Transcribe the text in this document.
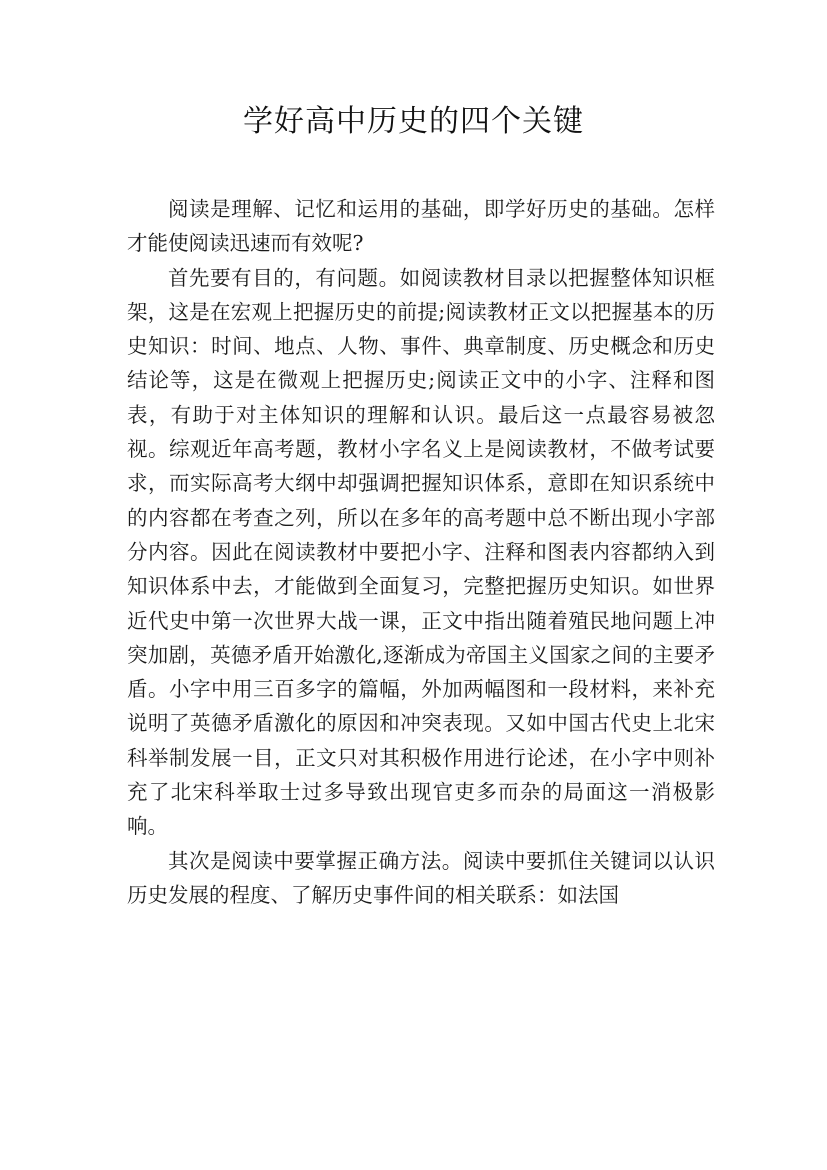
学好高中历史的四个关键

阅读是理解、记忆和运用的基础，即学好历史的基础。怎样才能使阅读迅速而有效呢?

首先要有目的，有问题。如阅读教材目录以把握整体知识框架，这是在宏观上把握历史的前提;阅读教材正文以把握基本的历史知识：时间、地点、人物、事件、典章制度、历史概念和历史结论等，这是在微观上把握历史;阅读正文中的小字、注释和图表，有助于对主体知识的理解和认识。最后这一点最容易被忽视。综观近年高考题，教材小字名义上是阅读教材，不做考试要求，而实际高考大纲中却强调把握知识体系，意即在知识系统中的内容都在考查之列，所以在多年的高考题中总不断出现小字部分内容。因此在阅读教材中要把小字、注释和图表内容都纳入到知识体系中去，才能做到全面复习，完整把握历史知识。如世界近代史中第一次世界大战一课，正文中指出随着殖民地问题上冲突加剧，英德矛盾开始激化,逐渐成为帝国主义国家之间的主要矛盾。小字中用三百多字的篇幅，外加两幅图和一段材料，来补充说明了英德矛盾激化的原因和冲突表现。又如中国古代史上北宋科举制发展一目，正文只对其积极作用进行论述，在小字中则补充了北宋科举取士过多导致出现官吏多而杂的局面这一消极影响。

其次是阅读中要掌握正确方法。阅读中要抓住关键词以认识历史发展的程度、了解历史事件间的相关联系：如法国
